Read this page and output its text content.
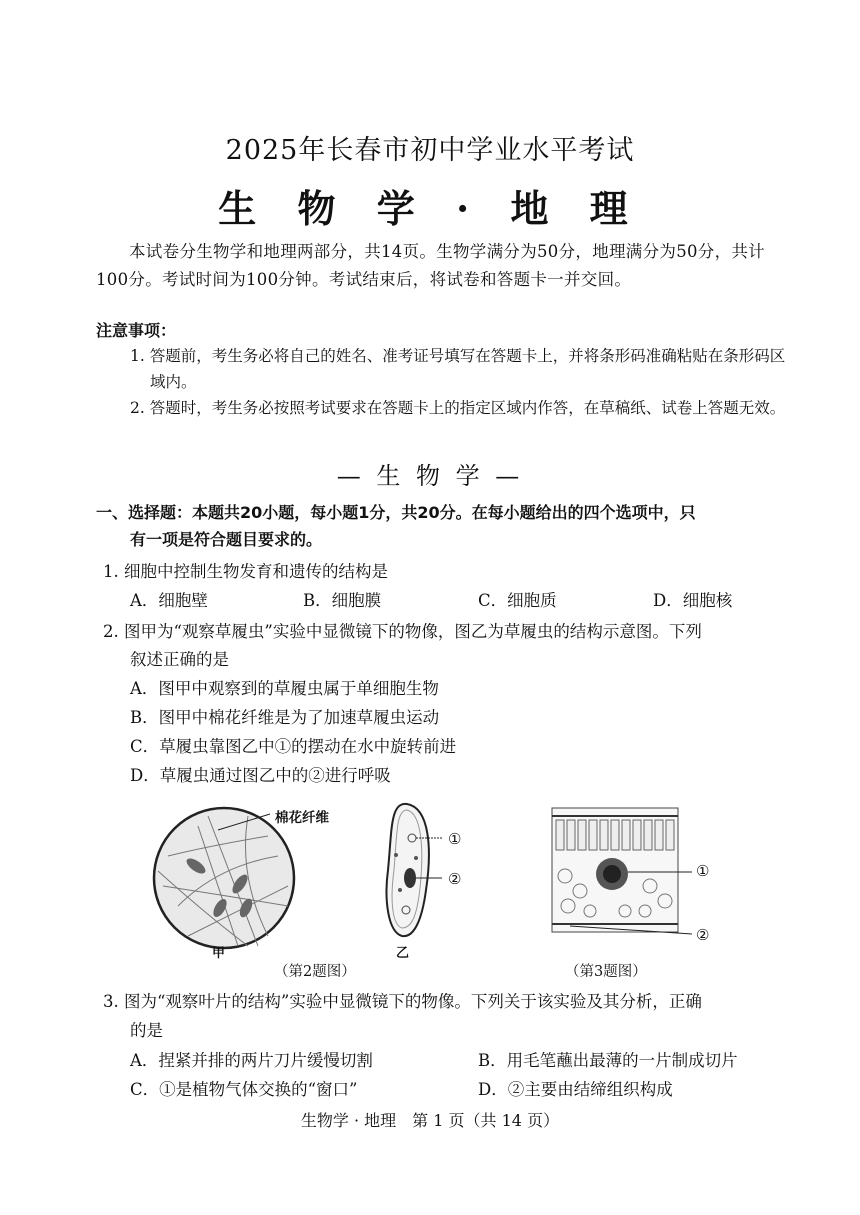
2025年长春市初中学业水平考试
生 物 学 · 地 理
本试卷分生物学和地理两部分，共14页。生物学满分为50分，地理满分为50分，共计100分。考试时间为100分钟。考试结束后，将试卷和答题卡一并交回。
注意事项：
1. 答题前，考生务必将自己的姓名、准考证号填写在答题卡上，并将条形码准确粘贴在条形码区域内。
2. 答题时，考生务必按照考试要求在答题卡上的指定区域内作答，在草稿纸、试卷上答题无效。
— 生 物 学 —
一、选择题：本题共20小题，每小题1分，共20分。在每小题给出的四个选项中，只
有一项是符合题目要求的。
1. 细胞中控制生物发育和遗传的结构是
A．细胞壁	B．细胞膜	C．细胞质	D．细胞核
2. 图甲为“观察草履虫”实验中显微镜下的物像，图乙为草履虫的结构示意图。下列
叙述正确的是
A．图甲中观察到的草履虫属于单细胞生物
B．图甲中棉花纤维是为了加速草履虫运动
C．草履虫靠图乙中①的摆动在水中旋转前进
D．草履虫通过图乙中的②进行呼吸
棉花纤维
甲
①
②
乙
①
②
（第2题图）	（第3题图）
3. 图为“观察叶片的结构”实验中显微镜下的物像。下列关于该实验及其分析，正确
的是
A．捏紧并排的两片刀片缓慢切割	B．用毛笔蘸出最薄的一片制成切片
C．①是植物气体交换的“窗口”	D．②主要由结缔组织构成
生物学 · 地理　第 1 页（共 14 页）
